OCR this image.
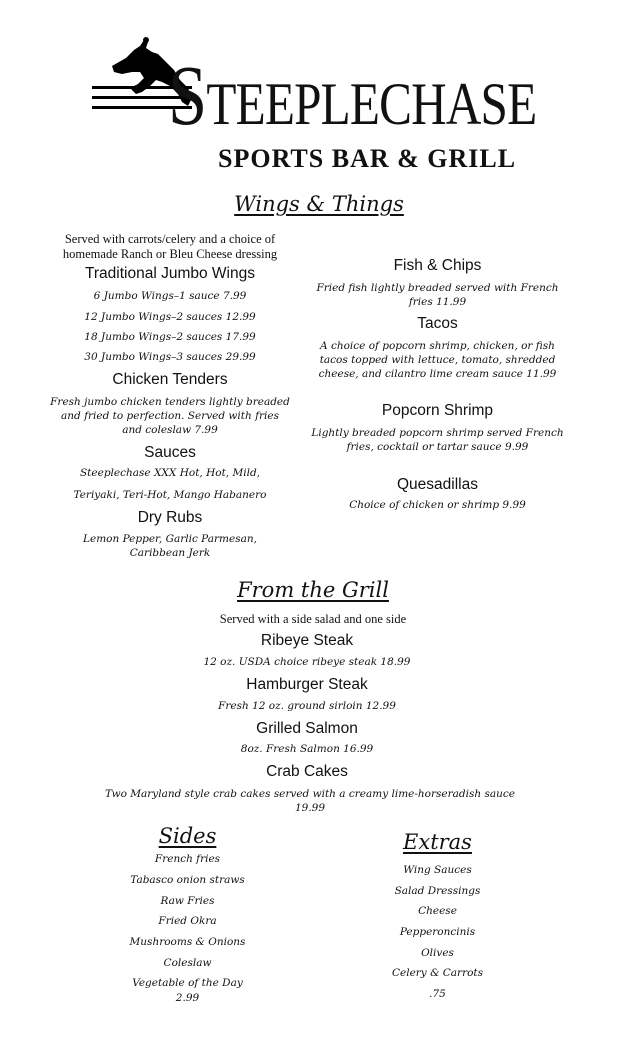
STEEPLECHASE
SPORTS BAR & GRILL
Wings & Things
Served with carrots/celery and a choice of homemade Ranch or Bleu Cheese dressing
Traditional Jumbo Wings
6 Jumbo Wings–1 sauce 7.99
12 Jumbo Wings–2 sauces 12.99
18 Jumbo Wings–2 sauces 17.99
30 Jumbo Wings–3 sauces 29.99
Chicken Tenders
Fresh jumbo chicken tenders lightly breaded and fried to perfection. Served with fries and coleslaw 7.99
Sauces
Steeplechase XXX Hot, Hot, Mild,
Teriyaki, Teri-Hot, Mango Habanero
Dry Rubs
Lemon Pepper, Garlic Parmesan, Caribbean Jerk
Fish & Chips
Fried fish lightly breaded served with French fries 11.99
Tacos
A choice of popcorn shrimp, chicken, or fish tacos topped with lettuce, tomato, shredded cheese, and cilantro lime cream sauce 11.99
Popcorn Shrimp
Lightly breaded popcorn shrimp served French fries, cocktail or tartar sauce 9.99
Quesadillas
Choice of chicken or shrimp 9.99
From the Grill
Served with a side salad and one side
Ribeye Steak
12 oz. USDA choice ribeye steak 18.99
Hamburger Steak
Fresh 12 oz. ground sirloin 12.99
Grilled Salmon
8oz. Fresh Salmon 16.99
Crab Cakes
Two Maryland style crab cakes served with a creamy lime-horseradish sauce 19.99
Sides
French fries
Tabasco onion straws
Raw Fries
Fried Okra
Mushrooms & Onions
Coleslaw
Vegetable of the Day
2.99
Extras
Wing Sauces
Salad Dressings
Cheese
Pepperoncinis
Olives
Celery & Carrots
.75
